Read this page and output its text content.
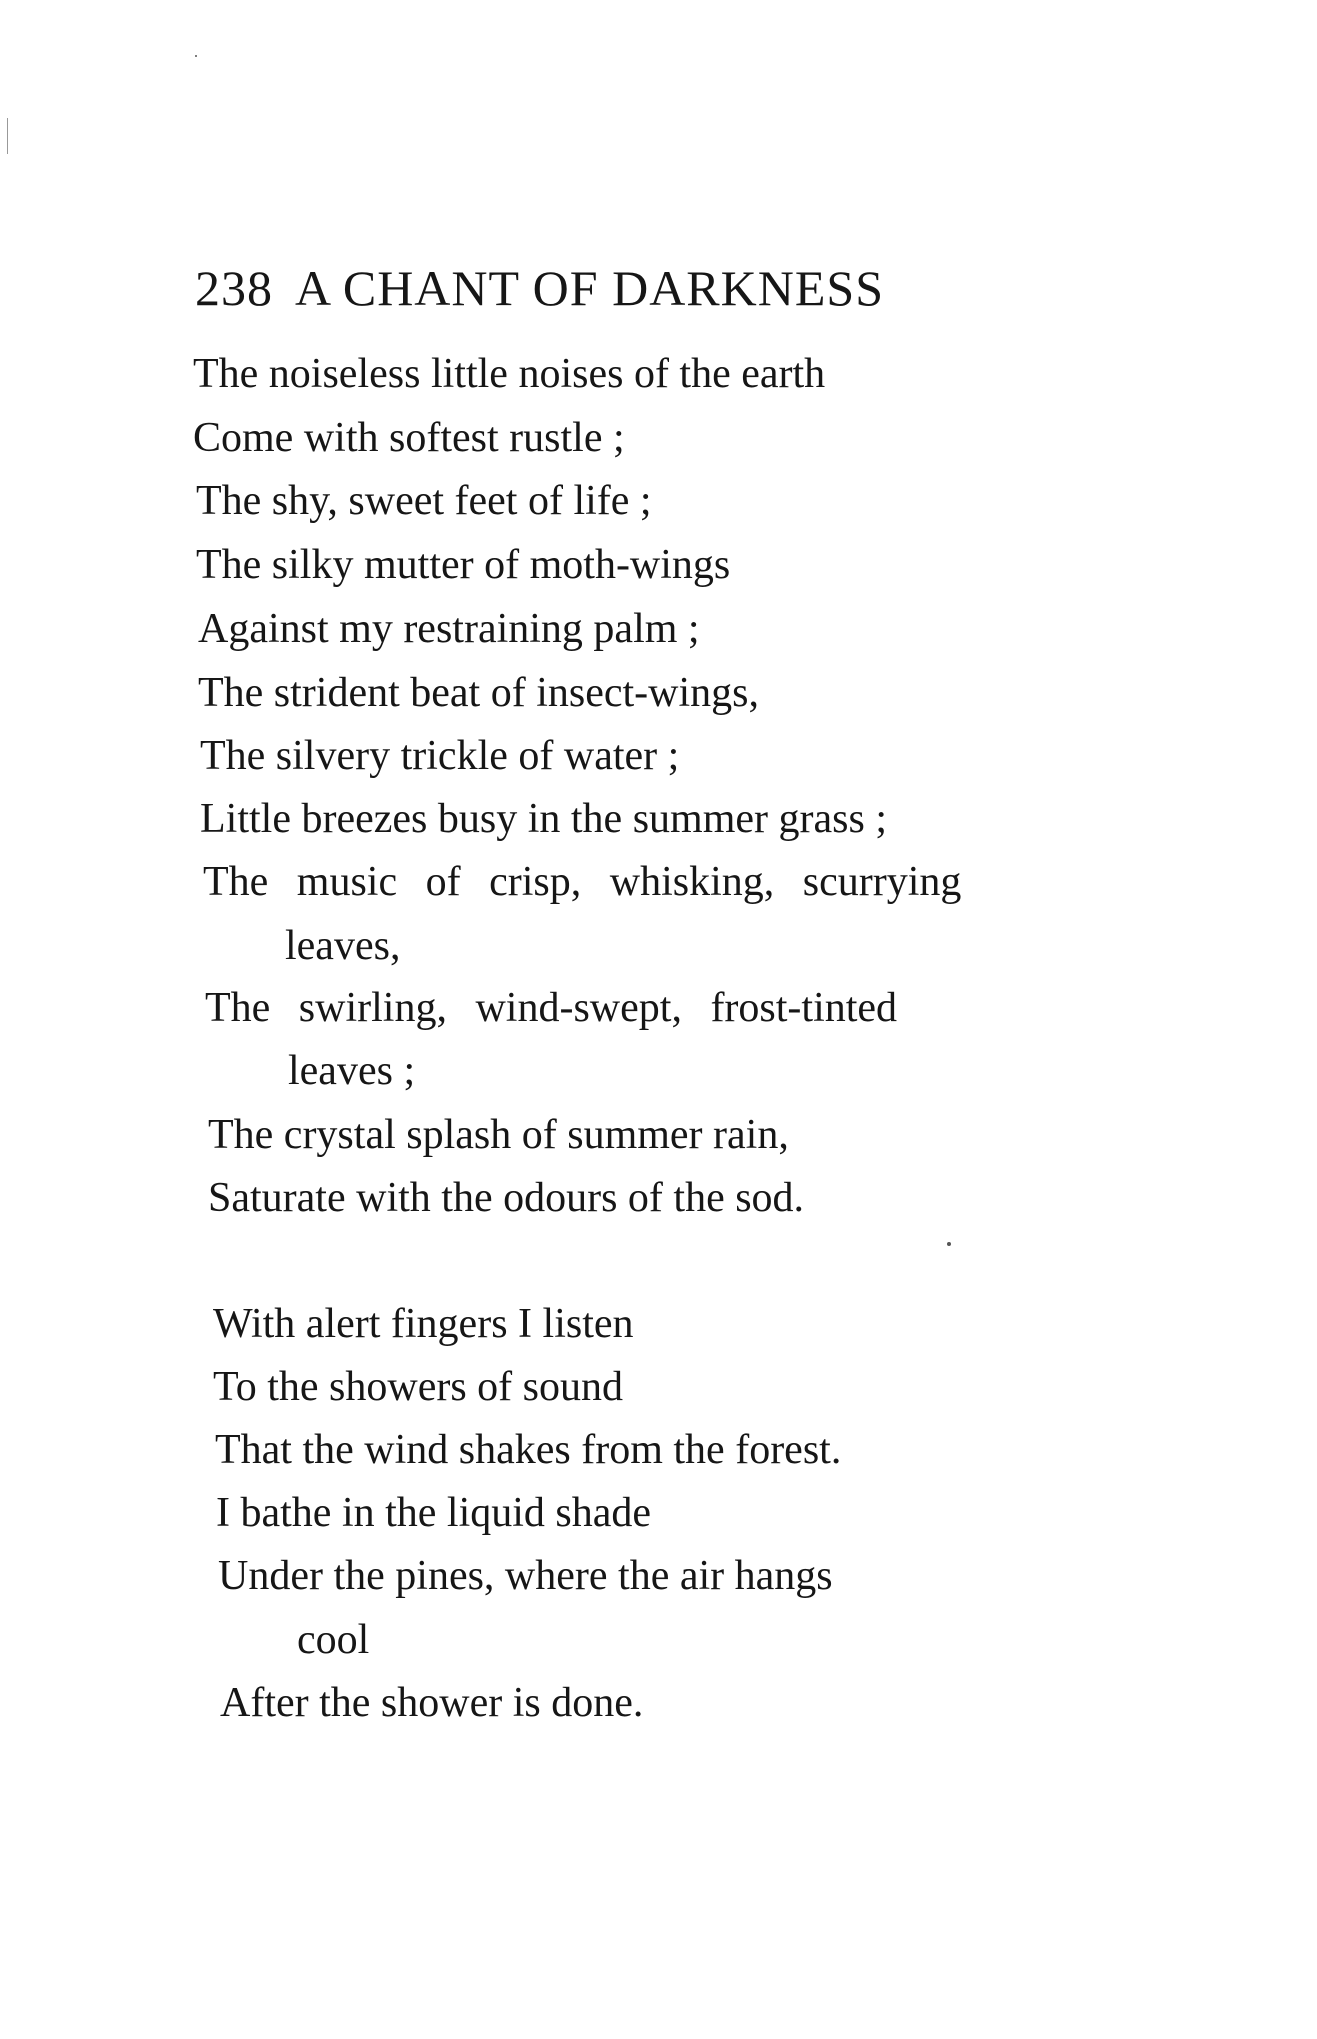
238 A CHANT OF DARKNESS
The noiseless little noises of the earth
Come with softest rustle ;
The shy, sweet feet of life ;
The silky mutter of moth-wings
Against my restraining palm ;
The strident beat of insect-wings,
The silvery trickle of water ;
Little breezes busy in the summer grass ;
The music of crisp, whisking, scurrying
leaves,
The swirling, wind-swept, frost-tinted
leaves ;
The crystal splash of summer rain,
Saturate with the odours of the sod.
With alert fingers I listen
To the showers of sound
That the wind shakes from the forest.
I bathe in the liquid shade
Under the pines, where the air hangs
cool
After the shower is done.
